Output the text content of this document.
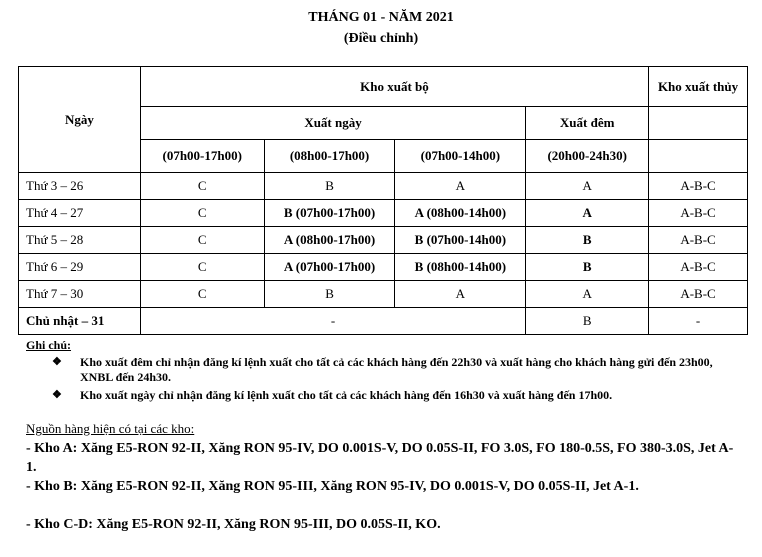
THÁNG 01 - NĂM 2021
(Điều chỉnh)
Ngày	Kho xuất bộ				Kho xuất thủy
	Xuất ngày			Xuất đêm	
	(07h00-17h00)	(08h00-17h00)	(07h00-14h00)	(20h00-24h30)	
Thứ 3 – 26	C	B	A	A	A-B-C
Thứ 4 – 27	C	B (07h00-17h00)	A (08h00-14h00)	A	A-B-C
Thứ 5 – 28	C	A (08h00-17h00)	B (07h00-14h00)	B	A-B-C
Thứ 6 – 29	C	A (07h00-17h00)	B (08h00-14h00)	B	A-B-C
Thứ 7 – 30	C	B	A	A	A-B-C
Chủ nhật – 31	-			B	-
Ghi chú:
❖ Kho xuất đêm chỉ nhận đăng kí lệnh xuất cho tất cả các khách hàng đến 22h30 và xuất hàng cho khách hàng gửi đến 23h00, XNBL đến 24h30.
❖ Kho xuất ngày chỉ nhận đăng kí lệnh xuất cho tất cả các khách hàng đến 16h30 và xuất hàng đến 17h00.
Nguồn hàng hiện có tại các kho:
- Kho A: Xăng E5-RON 92-II, Xăng RON 95-IV, DO 0.001S-V, DO 0.05S-II, FO 3.0S, FO 180-0.5S, FO 380-3.0S, Jet A-1.
- Kho B: Xăng E5-RON 92-II, Xăng RON 95-III, Xăng RON 95-IV, DO 0.001S-V, DO 0.05S-II, Jet A-1.
- Kho C-D: Xăng E5-RON 92-II, Xăng RON 95-III, DO 0.05S-II, KO.
